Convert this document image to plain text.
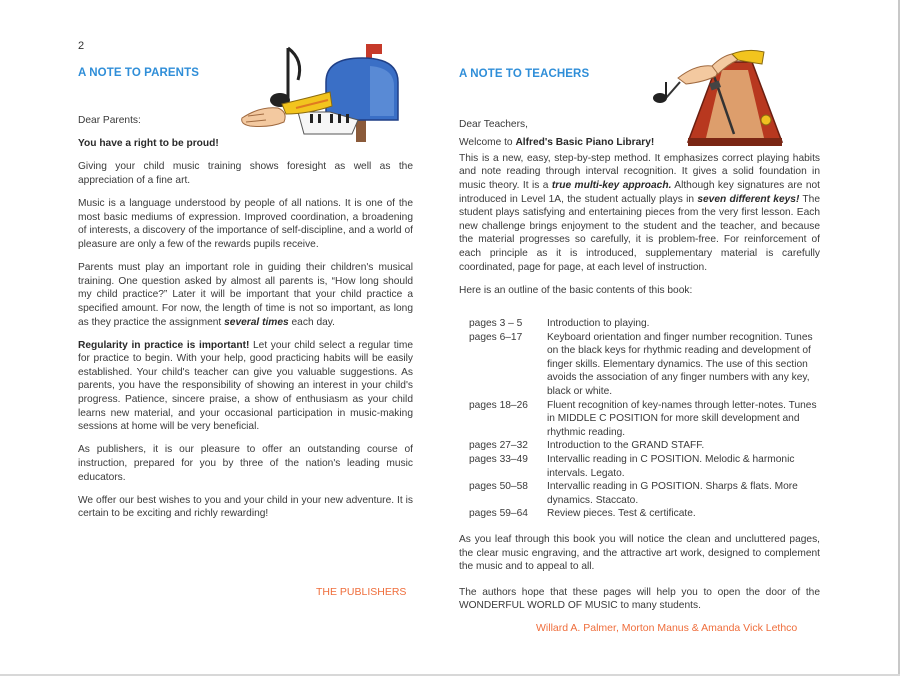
2
A NOTE TO PARENTS

Dear Parents:

You have a right to be proud!

Giving your child music training shows foresight as well as the appreciation of a fine art.

Music is a language understood by people of all nations. It is one of the most basic mediums of expression. Improved coordination, a broadening of interests, a discovery of the importance of self-discipline, and a world of pleasure are only a few of the rewards pupils receive.

Parents must play an important role in guiding their children's musical training. One question asked by almost all parents is, “How long should my child practice?” Later it will be important that your child practice a specified amount. For now, the length of time is not so important, as long as they practice the assignment several times each day.

Regularity in practice is important! Let your child select a regular time for practice to begin. With your help, good practicing habits will be easily established. Your child's teacher can give you valuable suggestions. As parents, you have the responsibility of showing an interest in your child's progress. Patience, sincere praise, a show of enthusiasm as your child learns new material, and your occasional participation in music-making sessions at home will be very beneficial.

As publishers, it is our pleasure to offer an outstanding course of instruction, prepared for you by three of the nation's leading music educators.

We offer our best wishes to you and your child in your new adventure. It is certain to be exciting and richly rewarding!

THE PUBLISHERS
A NOTE TO TEACHERS

Dear Teachers,

Welcome to Alfred's Basic Piano Library!

This is a new, easy, step-by-step method. It emphasizes correct playing habits and note reading through interval recognition. It gives a solid foundation in music theory. It is a true multi-key approach. Although key signatures are not introduced in Level 1A, the student actually plays in seven different keys! The student plays satisfying and entertaining pieces from the very first lesson. Each new challenge brings enjoyment to the student and the teacher, and because the material progresses so carefully, it is problem-free. For reinforcement of each principle as it is introduced, supplementary material is carefully coordinated, page for page, at each level of instruction.

Here is an outline of the basic contents of this book:

pages 3 – 5	Introduction to playing.
pages 6–17	Keyboard orientation and finger number recognition. Tunes on the black keys for rhythmic reading and development of finger skills. Elementary dynamics. The use of this section avoids the association of any finger numbers with any key, black or white.
pages 18–26	Fluent recognition of key-names through letter-notes. Tunes in MIDDLE C POSITION for more skill development and rhythmic reading.
pages 27–32	Introduction to the GRAND STAFF.
pages 33–49	Intervallic reading in C POSITION. Melodic & harmonic intervals. Legato.
pages 50–58	Intervallic reading in G POSITION. Sharps & flats. More dynamics. Staccato.
pages 59–64	Review pieces. Test & certificate.

As you leaf through this book you will notice the clean and uncluttered pages, the clear music engraving, and the attractive art work, designed to complement the music and to appeal to all.

The authors hope that these pages will help you to open the door of the WONDERFUL WORLD OF MUSIC to many students.

Willard A. Palmer, Morton Manus & Amanda Vick Lethco
